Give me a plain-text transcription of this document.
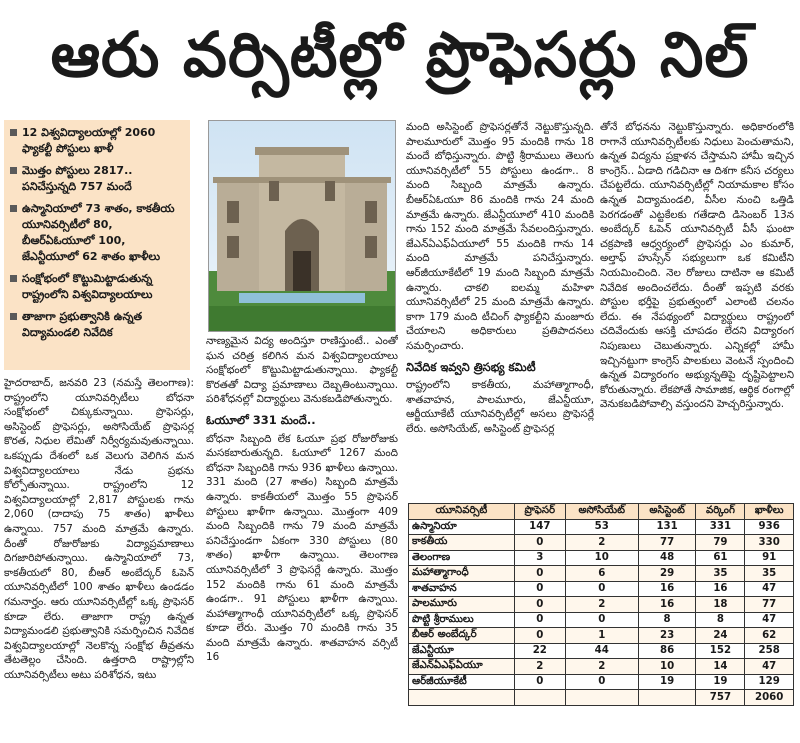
ఆరు వర్సిటీల్లో ప్రొఫెసర్లు నిల్
12 విశ్వవిద్యాలయాల్లో 2060 ఫ్యాకల్టీ పోస్టులు ఖాళీ
మొత్తం పోస్టులు 2817.. పనిచేస్తున్నది 757 మందే
ఉస్మానియాలో 73 శాతం, కాకతీయ యూనివర్సిటీలో 80, బీఆర్‌ఏఓయూలో 100, జేఎన్టీయూలో 62 శాతం ఖాళీలు
సంక్షోభంలో కొట్టుమిట్టాడుతున్న రాష్ట్రంలోని విశ్వవిద్యాలయాలు
తాజాగా ప్రభుత్వానికి ఉన్నత విద్యామండలి నివేదిక

హైదరాబాద్, జనవరి 23 (నమస్తే తెలంగాణ): రాష్ట్రంలోని యూనివర్సిటీలు బోధనా సంక్షోభంలో చిక్కుకున్నాయి. ప్రొఫెసర్లు, అసిస్టెంట్ ప్రొఫెసర్లు, అసోసియేట్ ప్రొఫెసర్ల కొరత, నిధుల లేమితో నిర్వీర్యమవుతున్నాయి. ఒకప్పుడు దేశంలో ఒక వెలుగు వెలిగిన మన విశ్వవిద్యాలయాలు నేడు ప్రభను కోల్పోతున్నాయి. రాష్ట్రంలోని 12 విశ్వవిద్యాలయాల్లో 2,817 పోస్టులకు గాను 2,060 (దాదాపు 75 శాతం) ఖాళీలు ఉన్నాయి. 757 మంది మాత్రమే ఉన్నారు. దీంతో రోజురోజుకు విద్యాప్రమాణాలు దిగజారిపోతున్నాయి. ఉస్మానియాలో 73, కాకతీయలో 80, బీఆర్ అంబేద్కర్ ఓపెన్ యూనివర్సిటీలో 100 శాతం ఖాళీలు ఉండడం గమనార్హం. ఆరు యూనివర్సిటీల్లో ఒక్క ప్రొఫెసర్ కూడా లేరు. తాజాగా రాష్ట్ర ఉన్నత విద్యామండలి ప్రభుత్వానికి సమర్పించిన నివేదిక విశ్వవిద్యాలయాల్లో నెలకొన్న సంక్షోభ తీవ్రతను తేటతెల్లం చేసింది. ఉత్తరాది రాష్ట్రాల్లోని యూనివర్సిటీలు అటు పరిశోధన, ఇటు

నాణ్యమైన విద్య అందిస్తూ రాణిస్తుంటే.. ఎంతో ఘన చరిత్ర కలిగిన మన విశ్వవిద్యాలయాలు సంక్షోభంలో కొట్టుమిట్టాడుతున్నాయి. ఫ్యాకల్టీ కొరతతో విద్యా ప్రమాణాలు దెబ్బతింటున్నాయి. పరిశోధనల్లో విద్యార్థులు వెనుకబడిపోతున్నారు.

ఓయూలో 331 మందే..

బోధనా సిబ్బంది లేక ఓయూ ప్రభ రోజురోజుకు మసకబారుతున్నది. ఓయూలో 1267 మంది బోధనా సిబ్బందికి గాను 936 ఖాళీలు ఉన్నాయి. 331 మంది (27 శాతం) సిబ్బంది మాత్రమే ఉన్నారు. కాకతీయలో మొత్తం 55 ప్రొఫెసర్ పోస్టులు ఖాళీగా ఉన్నాయి. మొత్తంగా 409 మంది సిబ్బందికి గాను 79 మంది మాత్రమే పనిచేస్తుండగా ఏకంగా 330 పోస్టులు (80 శాతం) ఖాళీగా ఉన్నాయి. తెలంగాణ యూనివర్సిటీలో 3 ప్రొఫెసర్లే ఉన్నారు. మొత్తం 152 మందికి గాను 61 మంది మాత్రమే ఉండగా.. 91 పోస్టులు ఖాళీగా ఉన్నాయి. మహాత్మాగాంధీ యూనివర్సిటీలో ఒక్క ప్రొఫెసర్ కూడా లేరు. మొత్తం 70 మందికి గాను 35 మంది మాత్రమే ఉన్నారు. శాతవాహన వర్సిటీ 16

మంది అసిస్టెంట్ ప్రొఫెసర్లతోనే నెట్టుకొస్తున్నది. పాలమూరులో మొత్తం 95 మందికి గాను 18 మందే బోధిస్తున్నారు. పొట్టి శ్రీరాములు తెలుగు యూనివర్సిటీలో 55 పోస్టులు ఉండగా.. 8 మంది సిబ్బంది మాత్రమే ఉన్నారు. బీఆర్‌ఏఓయూ 86 మందికి గాను 24 మంది మాత్రమే ఉన్నారు. జేఎన్టీయూలో 410 మందికి గాను 152 మంది మాత్రమే సేవలందిస్తున్నారు. జేఎన్‌ఏఎఫ్‌ఏయూలో 55 మందికి గాను 14 మంది మాత్రమే పనిచేస్తున్నారు. ఆర్‌జీయూకేటీలో 19 మంది సిబ్బంది మాత్రమే ఉన్నారు. చాకలి ఐలమ్మ మహిళా యూనివర్సిటీలో 25 మంది మాత్రమే ఉన్నారు. కాగా 179 మంది టీచింగ్ ఫ్యాకల్టీని మంజూరు చేయాలని అధికారులు ప్రతిపాదనలు సమర్పించారు.

నివేదిక ఇవ్వని త్రిసభ్య కమిటీ

రాష్ట్రంలోని కాకతీయ, మహాత్మాగాంధీ, శాతవాహన, పాలమూరు, జేఎన్టీయూ, ఆర్జీయూకేటీ యూనివర్సిటీల్లో అసలు ప్రొఫెసర్లే లేరు. అసోసియేట్, అసిస్టెంట్ ప్రొఫెసర్ల

తోనే బోధనను నెట్టుకొస్తున్నారు. అధికారంలోకి రాగానే యూనివర్సిటీలకు నిధులు పెంచుతామని, ఉన్నత విద్యను ప్రక్షాళన చేస్తామని హామీ ఇచ్చిన కాంగ్రెస్.. ఏడాది గడిచినా ఆ దిశగా కనీస చర్యలు చేపట్టలేదు. యూనివర్సిటీల్లో నియామకాల కోసం ఉన్నత విద్యామండలి, వీసీల నుంచి ఒత్తిడి పెరగడంతో ఎట్టకేలకు గతేడాది డిసెంబర్ 13న అంబేద్కర్ ఓపెన్ యూనివర్సిటీ వీసీ ఘంటా చక్రపాణి ఆధ్వర్యంలో ప్రొఫెసర్లు ఎం కుమార్, అల్తాఫ్ హుస్సేన్ సభ్యులుగా ఒక కమిటీని నియమించింది. నెల రోజులు దాటినా ఆ కమిటీ నివేదిక అందించలేదు. దీంతో ఇప్పటి వరకు పోస్టుల భర్తీపై ప్రభుత్వంలో ఎలాంటి చలనం లేదు. ఈ నేపథ్యంలో విద్యార్థులు రాష్ట్రంలో చదివేందుకు ఆసక్తి చూపడం లేదని విద్యారంగ నిపుణులు చెబుతున్నారు. ఎన్నికల్లో హామీ ఇచ్చినట్టుగా కాంగ్రెస్ పాలకులు వెంటనే స్పందించి ఉన్నత విద్యారంగం అభ్యున్నతిపై దృష్టిపెట్టాలని కోరుతున్నారు. లేకపోతే సామాజిక, ఆర్థిక రంగాల్లో వెనుకబడిపోవాల్సి వస్తుందని హెచ్చరిస్తున్నారు.

యూనివర్సిటీ	ప్రొఫెసర్	అసోసియేట్	అసిస్టెంట్	వర్కింగ్	ఖాళీలు
ఉస్మానియా	147	53	131	331	936
కాకతీయ	0	2	77	79	330
తెలంగాణ	3	10	48	61	91
మహాత్మాగాంధీ	0	6	29	35	35
శాతవాహన	0	0	16	16	47
పాలమూరు	0	2	16	18	77
పొట్టి శ్రీరాములు	0	0	8	8	47
బీఆర్ అంబేద్కర్	0	1	23	24	62
జేఎన్టీయూ	22	44	86	152	258
జేఎన్‌ఏఎఫ్‌ఏయూ	2	2	10	14	47
ఆర్‌జీయూకేటీ	0	0	19	19	129
				757	2060
